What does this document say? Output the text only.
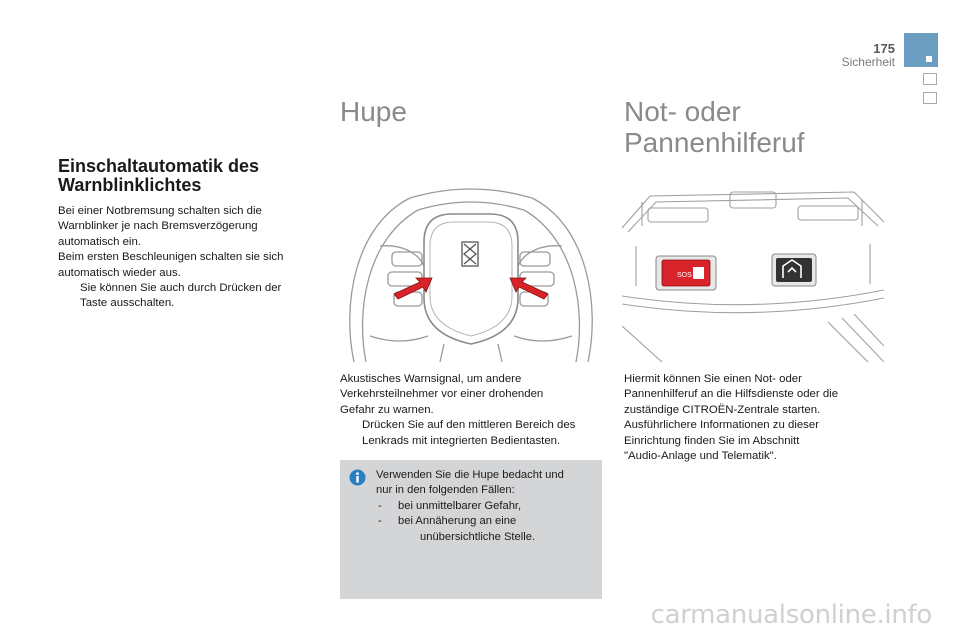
175
Sicherheit
Einschaltautomatik des
Warnblinklichtes

Bei einer Notbremsung schalten sich die

Warnblinker je nach Bremsverzögerung

automatisch ein.

Beim ersten Beschleunigen schalten sie sich

automatisch wieder aus.

Sie können Sie auch durch Drücken der

Taste ausschalten.

Hupe

Akustisches Warnsignal, um andere

Verkehrsteilnehmer vor einer drohenden

Gefahr zu warnen.

Drücken Sie auf den mittleren Bereich des

Lenkrads mit integrierten Bedientasten.

Verwenden Sie die Hupe bedacht und

nur in den folgenden Fällen:

- bei unmittelbarer Gefahr,

- bei Annäherung an eine

unübersichtliche Stelle.

Not- oder
Pannenhilferuf
SOS

Hiermit können Sie einen Not- oder

Pannenhilferuf an die Hilfsdienste oder die

zuständige CITROËN-Zentrale starten.

Ausführlichere Informationen zu dieser

Einrichtung finden Sie im Abschnitt

"Audio-Anlage und Telematik".

carmanualsonline.info
